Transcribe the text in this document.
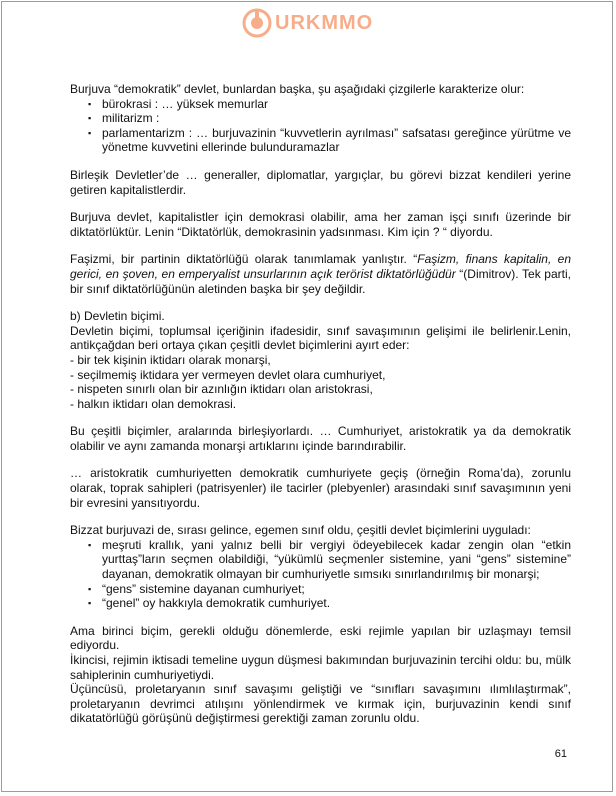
URKMMO

Burjuva “demokratik” devlet, bunlardan başka, şu aşağıdaki çizgilerle karakterize olur:

▪ bürokrasi : … yüksek memurlar
▪ militarizm :
▪ parlamentarizm : … burjuvazinin “kuvvetlerin ayrılması” safsatası gereğince yürütme ve yönetme kuvvetini ellerinde bulunduramazlar

Birleşik Devletler’de … generaller, diplomatlar, yargıçlar, bu görevi bizzat kendileri yerine getiren kapitalistlerdir.

Burjuva devlet, kapitalistler için demokrasi olabilir, ama her zaman işçi sınıfı üzerinde bir diktatörlüktür. Lenin “Diktatörlük, demokrasinin yadsınması. Kim için ? “ diyordu.

Faşizmi, bir partinin diktatörlüğü olarak tanımlamak yanlıştır. “Faşizm, finans kapitalin, en gerici, en şoven, en emperyalist unsurlarının açık terörist diktatörlüğüdür “(Dimitrov). Tek parti, bir sınıf diktatörlüğünün aletinden başka bir şey değildir.

b) Devletin biçimi.

Devletin biçimi, toplumsal içeriğinin ifadesidir, sınıf savaşımının gelişimi ile belirlenir.Lenin, antikçağdan beri ortaya çıkan çeşitli devlet biçimlerini ayırt eder:

- bir tek kişinin iktidarı olarak monarşi,
- seçilmemiş iktidara yer vermeyen devlet olara cumhuriyet,
- nispeten sınırlı olan bir azınlığın iktidarı olan aristokrasi,
- halkın iktidarı olan demokrasi.

Bu çeşitli biçimler, aralarında birleşiyorlardı. … Cumhuriyet, aristokratik ya da demokratik olabilir ve aynı zamanda monarşi artıklarını içinde barındırabilir.

… aristokratik cumhuriyetten demokratik cumhuriyete geçiş (örneğin Roma’da), zorunlu olarak, toprak sahipleri (patrisyenler) ile tacirler (plebyenler) arasındaki sınıf savaşımının yeni bir evresini yansıtıyordu.

Bizzat burjuvazi de, sırası gelince, egemen sınıf oldu, çeşitli devlet biçimlerini uyguladı:

▪ meşruti krallık, yani yalnız belli bir vergiyi ödeyebilecek kadar zengin olan “etkin yurttaş”ların seçmen olabildiği, “yükümlü seçmenler sistemine, yani “gens” sistemine” dayanan, demokratik olmayan bir cumhuriyetle sımsıkı sınırlandırılmış bir monarşi;
▪ “gens” sistemine dayanan cumhuriyet;
▪ “genel” oy hakkıyla demokratik cumhuriyet.

Ama birinci biçim, gerekli olduğu dönemlerde, eski rejimle yapılan bir uzlaşmayı temsil ediyordu.

İkincisi, rejimin iktisadi temeline uygun düşmesi bakımından burjuvazinin tercihi oldu: bu, mülk sahiplerinin cumhuriyetiydi.

Üçüncüsü, proletaryanın sınıf savaşımı geliştiği ve “sınıfları savaşımını ılımlılaştırmak”, proletaryanın devrimci atılışını yönlendirmek ve kırmak için, burjuvazinin kendi sınıf dikatatörlüğü görüşünü değiştirmesi gerektiği zaman zorunlu oldu.

61
